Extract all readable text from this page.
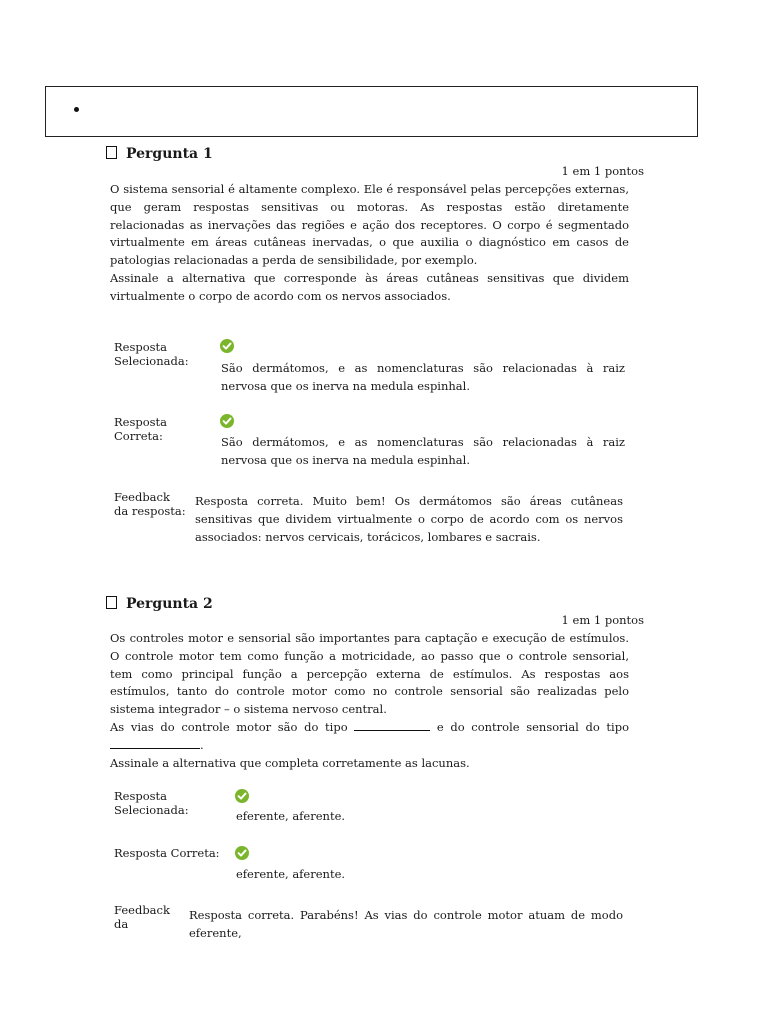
Pergunta 1
1 em 1 pontos

O sistema sensorial é altamente complexo. Ele é responsável pelas percepções externas, que geram respostas sensitivas ou motoras. As respostas estão diretamente relacionadas as inervações das regiões e ação dos receptores. O corpo é segmentado virtualmente em áreas cutâneas inervadas, o que auxilia o diagnóstico em casos de patologias relacionadas a perda de sensibilidade, por exemplo.

Assinale a alternativa que corresponde às áreas cutâneas sensitivas que dividem virtualmente o corpo de acordo com os nervos associados.

Resposta Selecionada:
São dermátomos, e as nomenclaturas são relacionadas à raiz nervosa que os inerva na medula espinhal.
Resposta Correta:	São dermátomos, e as nomenclaturas são relacionadas à raiz nervosa que os inerva na medula espinhal.
Feedback da resposta:
Resposta correta. Muito bem! Os dermátomos são áreas cutâneas sensitivas que dividem virtualmente o corpo de acordo com os nervos associados: nervos cervicais, torácicos, lombares e sacrais.
Pergunta 2
1 em 1 pontos

Os controles motor e sensorial são importantes para captação e execução de estímulos. O controle motor tem como função a motricidade, ao passo que o controle sensorial, tem como principal função a percepção externa de estímulos. As respostas aos estímulos, tanto do controle motor como no controle sensorial são realizadas pelo sistema integrador – o sistema nervoso central.

As vias do controle motor são do tipo	e do controle sensorial do tipo .

Assinale a alternativa que completa corretamente as lacunas.

Resposta Selecionada:	eferente, aferente.
Resposta Correta:
eferente, aferente.
Feedback da
Resposta correta. Parabéns! As vias do controle motor atuam de modo eferente,
